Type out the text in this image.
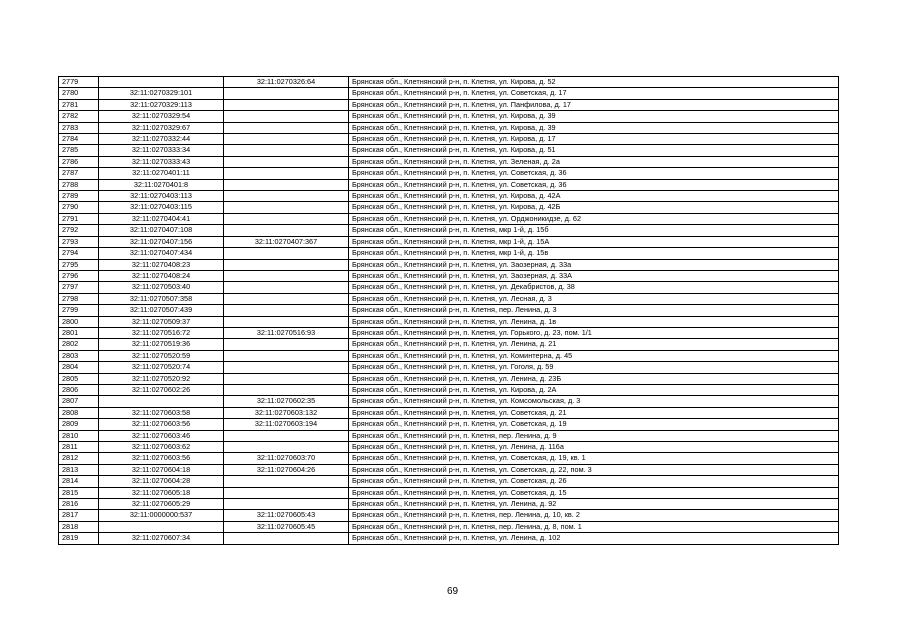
2779		32:11:0270326:64	Брянская обл., Клетнянский р-н, п. Клетня, ул. Кирова, д. 52
2780	32:11:0270329:101		Брянская обл., Клетнянский р-н, п. Клетня, ул. Советская, д. 17
2781	32:11:0270329:113		Брянская обл., Клетнянский р-н, п. Клетня, ул. Панфилова, д. 17
2782	32:11:0270329:54		Брянская обл., Клетнянский р-н, п. Клетня, ул. Кирова, д. 39
2783	32:11:0270329:67		Брянская обл., Клетнянский р-н, п. Клетня, ул. Кирова, д. 39
2784	32:11:0270332:44		Брянская обл., Клетнянский р-н, п. Клетня, ул. Кирова, д. 17
2785	32:11:0270333:34		Брянская обл., Клетнянский р-н, п. Клетня, ул. Кирова, д. 51
2786	32:11:0270333:43		Брянская обл., Клетнянский р-н, п. Клетня, ул. Зеленая, д. 2а
2787	32:11:0270401:11		Брянская обл., Клетнянский р-н, п. Клетня, ул. Советская, д. 36
2788	32:11:0270401:8		Брянская обл., Клетнянский р-н, п. Клетня, ул. Советская, д. 36
2789	32:11:0270403:113		Брянская обл., Клетнянский р-н, п. Клетня, ул. Кирова, д. 42А
2790	32:11:0270403:115		Брянская обл., Клетнянский р-н, п. Клетня, ул. Кирова, д. 42Б
2791	32:11:0270404:41		Брянская обл., Клетнянский р-н, п. Клетня, ул. Орджоникидзе, д. 62
2792	32:11:0270407:108		Брянская обл., Клетнянский р-н, п. Клетня, мкр 1-й, д. 15б
2793	32:11:0270407:156	32:11:0270407:367	Брянская обл., Клетнянский р-н, п. Клетня, мкр 1-й, д. 15А
2794	32:11:0270407:434		Брянская обл., Клетнянский р-н, п. Клетня, мкр 1-й, д. 15в
2795	32:11:0270408:23		Брянская обл., Клетнянский р-н, п. Клетня, ул. Заозерная, д. 33а
2796	32:11:0270408:24		Брянская обл., Клетнянский р-н, п. Клетня, ул. Заозерная, д. 33А
2797	32:11:0270503:40		Брянская обл., Клетнянский р-н, п. Клетня, ул. Декабристов, д. 38
2798	32:11:0270507:358		Брянская обл., Клетнянский р-н, п. Клетня, ул. Лесная, д. 3
2799	32:11:0270507:439		Брянская обл., Клетнянский р-н, п. Клетня, пер. Ленина, д. 3
2800	32:11:0270509:37		Брянская обл., Клетнянский р-н, п. Клетня, ул. Ленина, д. 1в
2801	32:11:0270516:72	32:11:0270516:93	Брянская обл., Клетнянский р-н, п. Клетня, ул. Горького, д. 23, пом. 1/1
2802	32:11:0270519:36		Брянская обл., Клетнянский р-н, п. Клетня, ул. Ленина, д. 21
2803	32:11:0270520:59		Брянская обл., Клетнянский р-н, п. Клетня, ул. Коминтерна, д. 45
2804	32:11:0270520:74		Брянская обл., Клетнянский р-н, п. Клетня, ул. Гоголя, д. 59
2805	32:11:0270520:92		Брянская обл., Клетнянский р-н, п. Клетня, ул. Ленина, д. 23Б
2806	32:11:0270602:26		Брянская обл., Клетнянский р-н, п. Клетня, ул. Кирова, д. 2А
2807		32:11:0270602:35	Брянская обл., Клетнянский р-н, п. Клетня, ул. Комсомольская, д. 3
2808	32:11:0270603:58	32:11:0270603:132	Брянская обл., Клетнянский р-н, п. Клетня, ул. Советская, д. 21
2809	32:11:0270603:56	32:11:0270603:194	Брянская обл., Клетнянский р-н, п. Клетня, ул. Советская, д. 19
2810	32:11:0270603:46		Брянская обл., Клетнянский р-н, п. Клетня, пер. Ленина, д. 9
2811	32:11:0270603:62		Брянская обл., Клетнянский р-н, п. Клетня, ул. Ленина, д. 116а
2812	32:11:0270603:56	32:11:0270603:70	Брянская обл., Клетнянский р-н, п. Клетня, ул. Советская, д. 19, кв. 1
2813	32:11:0270604:18	32:11:0270604:26	Брянская обл., Клетнянский р-н, п. Клетня, ул. Советская, д. 22, пом. 3
2814	32:11:0270604:28		Брянская обл., Клетнянский р-н, п. Клетня, ул. Советская, д. 26
2815	32:11:0270605:18		Брянская обл., Клетнянский р-н, п. Клетня, ул. Советская, д. 15
2816	32:11:0270605:29		Брянская обл., Клетнянский р-н, п. Клетня, ул. Ленина, д. 92
2817	32:11:0000000:537	32:11:0270605:43	Брянская обл., Клетнянский р-н, п. Клетня, пер. Ленина, д. 10, кв. 2
2818		32:11:0270605:45	Брянская обл., Клетнянский р-н, п. Клетня, пер. Ленина, д. 8, пом. 1
2819	32:11:0270607:34		Брянская обл., Клетнянский р-н, п. Клетня, ул. Ленина, д. 102
69
